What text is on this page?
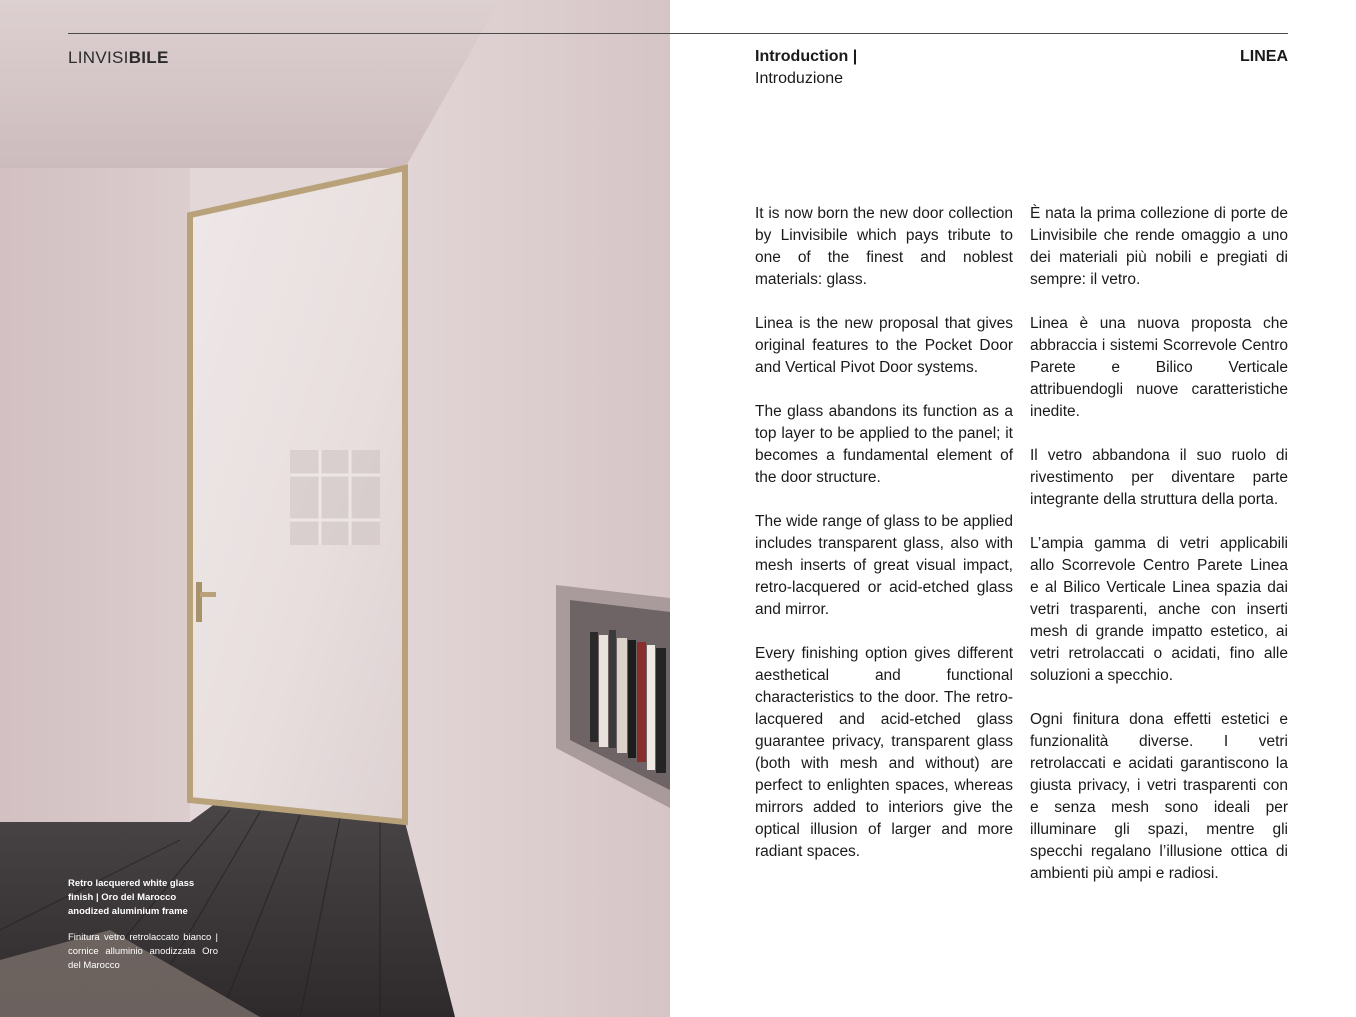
LINVISIBILE
Retro lacquered white glass finish | Oro del Marocco anodized aluminium frame
Finitura vetro retrolaccato bianco | cornice alluminio anodizzata Oro del Marocco
Introduction |
Introduzione
LINEA

It is now born the new door collection by Linvisibile which pays tribute to one of the finest and noblest materials: glass.

Linea is the new proposal that gives original features to the Pocket Door and Vertical Pivot Door systems.

The glass abandons its function as a top layer to be applied to the panel; it becomes a fundamental element of the door structure.

The wide range of glass to be applied includes transparent glass, also with mesh inserts of great visual impact, retro-lacquered or acid-etched glass and mirror.

Every finishing option gives different aesthetical and functional characteristics to the door. The retro-lacquered and acid-etched glass guarantee privacy, transparent glass (both with mesh and without) are perfect to enlighten spaces, whereas mirrors added to interiors give the optical illusion of larger and more radiant spaces.

È nata la prima collezione di porte de Linvisibile che rende omaggio a uno dei materiali più nobili e pregiati di sempre: il vetro.

Linea è una nuova proposta che abbraccia i sistemi Scorrevole Centro Parete e Bilico Verticale attribuendogli nuove caratteristiche inedite.

Il vetro abbandona il suo ruolo di rivestimento per diventare parte integrante della struttura della porta.

L’ampia gamma di vetri applicabili allo Scorrevole Centro Parete Linea e al Bilico Verticale Linea spazia dai vetri trasparenti, anche con inserti mesh di grande impatto estetico, ai vetri retrolaccati o acidati, fino alle soluzioni a specchio.

Ogni finitura dona effetti estetici e funzionalità diverse. I vetri retrolaccati e acidati garantiscono la giusta privacy, i vetri trasparenti con e senza mesh sono ideali per illuminare gli spazi, mentre gli specchi regalano l’illusione ottica di ambienti più ampi e radiosi.
